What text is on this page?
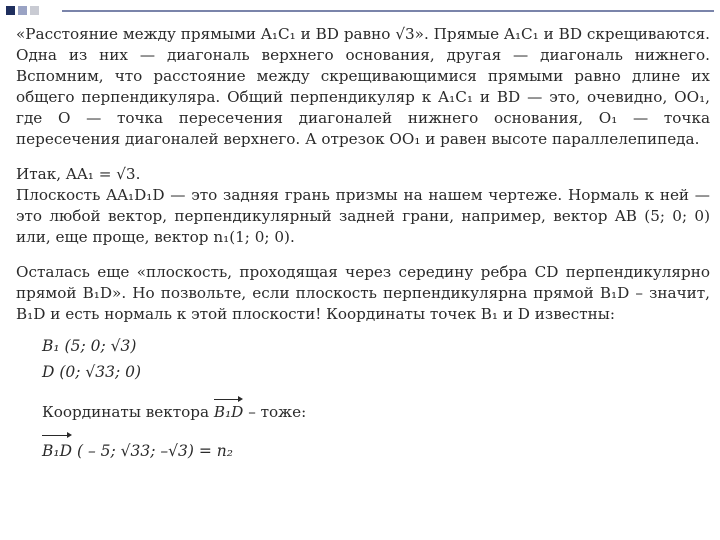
«Расстояние между прямыми A₁C₁ и BD равно √3». Прямые A₁C₁ и BD скрещиваются. Одна из них — диагональ верхнего основания, другая — диагональ нижнего. Вспомним, что расстояние между скрещивающимися прямыми равно длине их общего перпендикуляра. Общий перпендикуляр к A₁C₁ и BD — это, очевидно, OO₁, где O — точка пересечения диагоналей нижнего основания, O₁ — точка пересечения диагоналей верхнего. А отрезок OO₁ и равен высоте параллелепипеда.

Итак, AA₁ = √3.

Плоскость AA₁D₁D — это задняя грань призмы на нашем чертеже. Нормаль к ней — это любой вектор, перпендикулярный задней грани, например, вектор AB (5; 0; 0) или, еще проще, вектор n₁(1; 0; 0).

Осталась еще «плоскость, проходящая через середину ребра CD перпендикулярно прямой B₁D». Но позвольте, если плоскость перпендикулярна прямой B₁D – значит, B₁D и есть нормаль к этой плоскости! Координаты точек B₁ и D известны:

B₁ (5; 0; √3)

D (0; √33; 0)

Координаты вектора B₁D – тоже:

B₁D ( – 5; √33; –√3) = n₂
